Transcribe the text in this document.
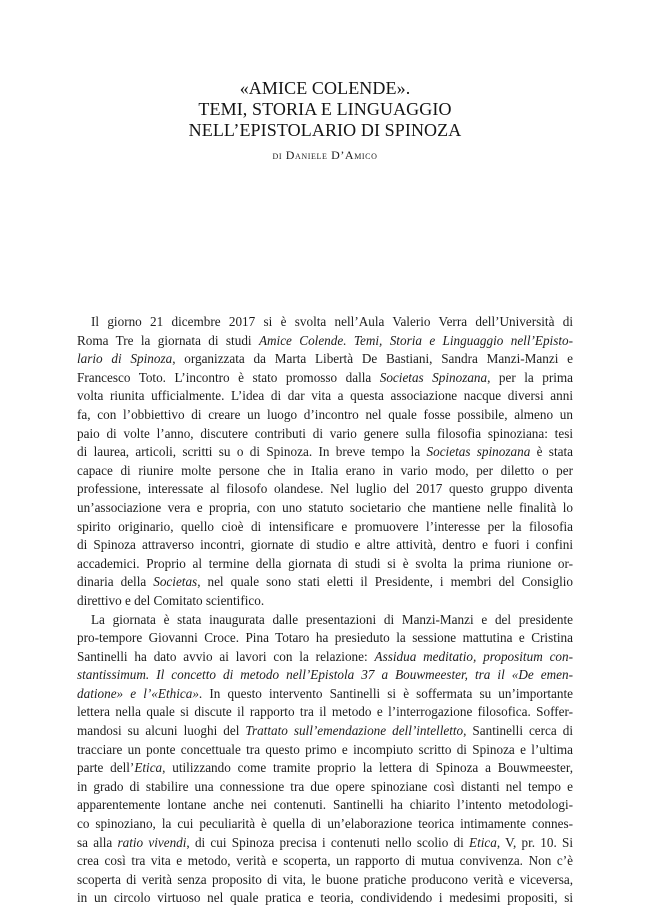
«AMICE COLENDE».
TEMI, STORIA E LINGUAGGIO
NELL’EPISTOLARIO DI SPINOZA
di Daniele D’Amico
Il giorno 21 dicembre 2017 si è svolta nell’Aula Valerio Verra dell’Università di
Roma Tre la giornata di studi Amice Colende. Temi, Storia e Linguaggio nell’Episto-
lario di Spinoza, organizzata da Marta Libertà De Bastiani, Sandra Manzi-Manzi e
Francesco Toto. L’incontro è stato promosso dalla Societas Spinozana, per la prima
volta riunita ufficialmente. L’idea di dar vita a questa associazione nacque diversi anni
fa, con l’obbiettivo di creare un luogo d’incontro nel quale fosse possibile, almeno un
paio di volte l’anno, discutere contributi di vario genere sulla filosofia spinoziana: tesi
di laurea, articoli, scritti su o di Spinoza. In breve tempo la Societas spinozana è stata
capace di riunire molte persone che in Italia erano in vario modo, per diletto o per
professione, interessate al filosofo olandese. Nel luglio del 2017 questo gruppo diventa
un’associazione vera e propria, con uno statuto societario che mantiene nelle finalità lo
spirito originario, quello cioè di intensificare e promuovere l’interesse per la filosofia
di Spinoza attraverso incontri, giornate di studio e altre attività, dentro e fuori i confini
accademici. Proprio al termine della giornata di studi si è svolta la prima riunione or-
dinaria della Societas, nel quale sono stati eletti il Presidente, i membri del Consiglio
direttivo e del Comitato scientifico.
La giornata è stata inaugurata dalle presentazioni di Manzi-Manzi e del presidente
pro-tempore Giovanni Croce. Pina Totaro ha presieduto la sessione mattutina e Cristina
Santinelli ha dato avvio ai lavori con la relazione: Assidua meditatio, propositum con-
stantissimum. Il concetto di metodo nell’Epistola 37 a Bouwmeester, tra il «De emen-
datione» e l’«Ethica». In questo intervento Santinelli si è soffermata su un’importante
lettera nella quale si discute il rapporto tra il metodo e l’interrogazione filosofica. Soffer-
mandosi su alcuni luoghi del Trattato sull’emendazione dell’intelletto, Santinelli cerca di
tracciare un ponte concettuale tra questo primo e incompiuto scritto di Spinoza e l’ultima
parte dell’Etica, utilizzando come tramite proprio la lettera di Spinoza a Bouwmeester,
in grado di stabilire una connessione tra due opere spinoziane così distanti nel tempo e
apparentemente lontane anche nei contenuti. Santinelli ha chiarito l’intento metodologi-
co spinoziano, la cui peculiarità è quella di un’elaborazione teorica intimamente connes-
sa alla ratio vivendi, di cui Spinoza precisa i contenuti nello scolio di Etica, V, pr. 10. Si
crea così tra vita e metodo, verità e scoperta, un rapporto di mutua convivenza. Non c’è
scoperta di verità senza proposito di vita, le buone pratiche producono verità e viceversa,
in un circolo virtuoso nel quale pratica e teoria, condividendo i medesimi propositi, si
